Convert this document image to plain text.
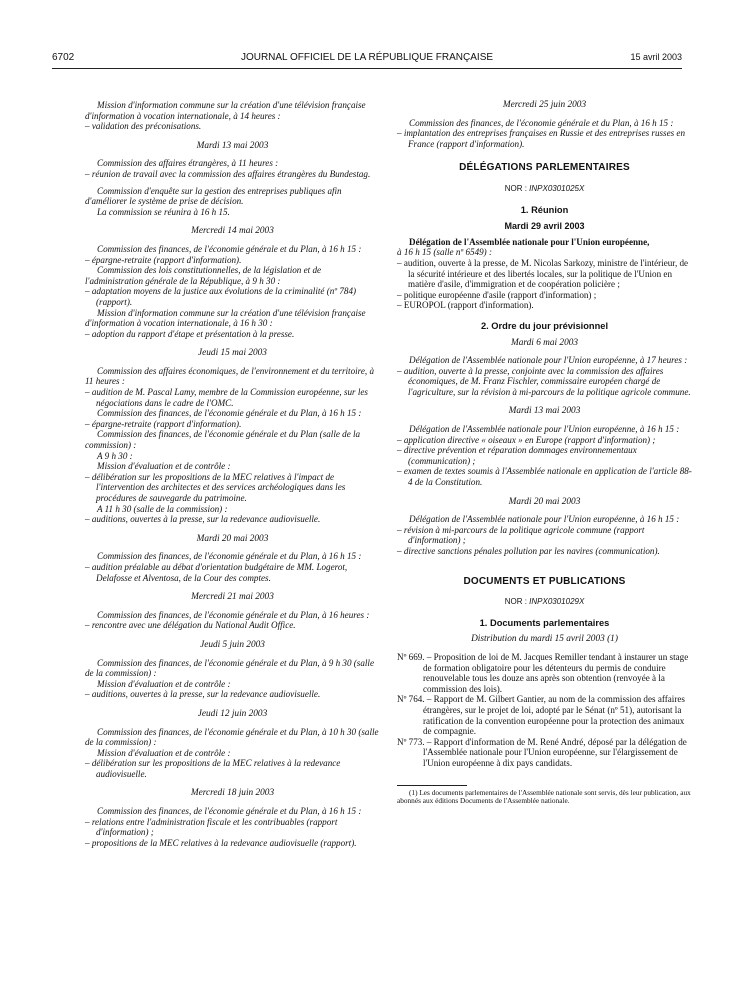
6702	JOURNAL OFFICIEL DE LA RÉPUBLIQUE FRANÇAISE	15 avril 2003

Mission d'information commune sur la création d'une télévision française d'information à vocation internationale, à 14 heures :

– validation des préconisations.

Mardi 13 mai 2003

Commission des affaires étrangères, à 11 heures :

– réunion de travail avec la commission des affaires étrangères du Bundestag.

Commission d'enquête sur la gestion des entreprises publiques afin d'améliorer le système de prise de décision.

La commission se réunira à 16 h 15.

Mercredi 14 mai 2003

Commission des finances, de l'économie générale et du Plan, à 16 h 15 :

– épargne-retraite (rapport d'information).

Commission des lois constitutionnelles, de la législation et de l'administration générale de la République, à 9 h 30 :

– adaptation moyens de la justice aux évolutions de la criminalité (nº 784) (rapport).

Mission d'information commune sur la création d'une télévision française d'information à vocation internationale, à 16 h 30 :

– adoption du rapport d'étape et présentation à la presse.

Jeudi 15 mai 2003

Commission des affaires économiques, de l'environnement et du territoire, à 11 heures :

– audition de M. Pascal Lamy, membre de la Commission européenne, sur les négociations dans le cadre de l'OMC.

Commission des finances, de l'économie générale et du Plan, à 16 h 15 :

– épargne-retraite (rapport d'information).

Commission des finances, de l'économie générale et du Plan (salle de la commission) :

A 9 h 30 :

Mission d'évaluation et de contrôle :

– délibération sur les propositions de la MEC relatives à l'impact de l'intervention des architectes et des services archéologiques dans les procédures de sauvegarde du patrimoine.

A 11 h 30 (salle de la commission) :

– auditions, ouvertes à la presse, sur la redevance audiovisuelle.

Mardi 20 mai 2003

Commission des finances, de l'économie générale et du Plan, à 16 h 15 :

– audition préalable au débat d'orientation budgétaire de MM. Logerot, Delafosse et Alventosa, de la Cour des comptes.

Mercredi 21 mai 2003

Commission des finances, de l'économie générale et du Plan, à 16 heures :

– rencontre avec une délégation du National Audit Office.

Jeudi 5 juin 2003

Commission des finances, de l'économie générale et du Plan, à 9 h 30 (salle de la commission) :

Mission d'évaluation et de contrôle :

– auditions, ouvertes à la presse, sur la redevance audiovisuelle.

Jeudi 12 juin 2003

Commission des finances, de l'économie générale et du Plan, à 10 h 30 (salle de la commission) :

Mission d'évaluation et de contrôle :

– délibération sur les propositions de la MEC relatives à la redevance audiovisuelle.

Mercredi 18 juin 2003

Commission des finances, de l'économie générale et du Plan, à 16 h 15 :

– relations entre l'administration fiscale et les contribuables (rapport d'information) ;

– propositions de la MEC relatives à la redevance audiovisuelle (rapport).

Mercredi 25 juin 2003

Commission des finances, de l'économie générale et du Plan, à 16 h 15 :

– implantation des entreprises françaises en Russie et des entreprises russes en France (rapport d'information).

DÉLÉGATIONS PARLEMENTAIRES

NOR : INPX0301025X

1. Réunion

Mardi 29 avril 2003

Délégation de l'Assemblée nationale pour l'Union européenne,

à 16 h 15 (salle nº 6549) :

– audition, ouverte à la presse, de M. Nicolas Sarkozy, ministre de l'intérieur, de la sécurité intérieure et des libertés locales, sur la politique de l'Union en matière d'asile, d'immigration et de coopération policière ;

– politique européenne d'asile (rapport d'information) ;

– EUROPOL (rapport d'information).

2. Ordre du jour prévisionnel

Mardi 6 mai 2003

Délégation de l'Assemblée nationale pour l'Union européenne, à 17 heures :

– audition, ouverte à la presse, conjointe avec la commission des affaires économiques, de M. Franz Fischler, commissaire européen chargé de l'agriculture, sur la révision à mi-parcours de la politique agricole commune.

Mardi 13 mai 2003

Délégation de l'Assemblée nationale pour l'Union européenne, à 16 h 15 :

– application directive « oiseaux » en Europe (rapport d'information) ;

– directive prévention et réparation dommages environnementaux (communication) ;

– examen de textes soumis à l'Assemblée nationale en application de l'article 88-4 de la Constitution.

Mardi 20 mai 2003

Délégation de l'Assemblée nationale pour l'Union européenne, à 16 h 15 :

– révision à mi-parcours de la politique agricole commune (rapport d'information) ;

– directive sanctions pénales pollution par les navires (communication).

DOCUMENTS ET PUBLICATIONS

NOR : INPX0301029X

1. Documents parlementaires

Distribution du mardi 15 avril 2003 (1)

Nº 669. – Proposition de loi de M. Jacques Remiller tendant à instaurer un stage de formation obligatoire pour les détenteurs du permis de conduire renouvelable tous les douze ans après son obtention (renvoyée à la commission des lois).

Nº 764. – Rapport de M. Gilbert Gantier, au nom de la commission des affaires étrangères, sur le projet de loi, adopté par le Sénat (nº 51), autorisant la ratification de la convention européenne pour la protection des animaux de compagnie.

Nº 773. – Rapport d'information de M. René André, déposé par la délégation de l'Assemblée nationale pour l'Union européenne, sur l'élargissement de l'Union européenne à dix pays candidats.

(1) Les documents parlementaires de l'Assemblée nationale sont servis, dès leur publication, aux abonnés aux éditions Documents de l'Assemblée nationale.
